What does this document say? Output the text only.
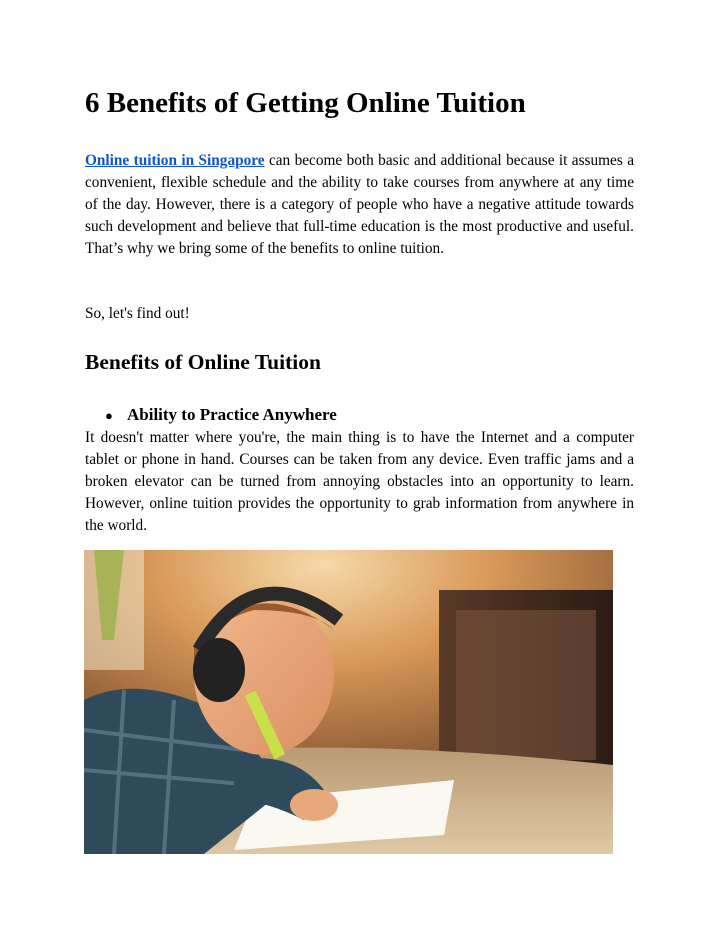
6 Benefits of Getting Online Tuition

Online tuition in Singapore can become both basic and additional because it assumes a convenient, flexible schedule and the ability to take courses from anywhere at any time of the day. However, there is a category of people who have a negative attitude towards such development and believe that full-time education is the most productive and useful. That’s why we bring some of the benefits to online tuition.

So, let's find out!

Benefits of Online Tuition

● Ability to Practice Anywhere

It doesn't matter where you're, the main thing is to have the Internet and a computer tablet or phone in hand. Courses can be taken from any device. Even traffic jams and a broken elevator can be turned from annoying obstacles into an opportunity to learn. However, online tuition provides the opportunity to grab information from anywhere in the world.
